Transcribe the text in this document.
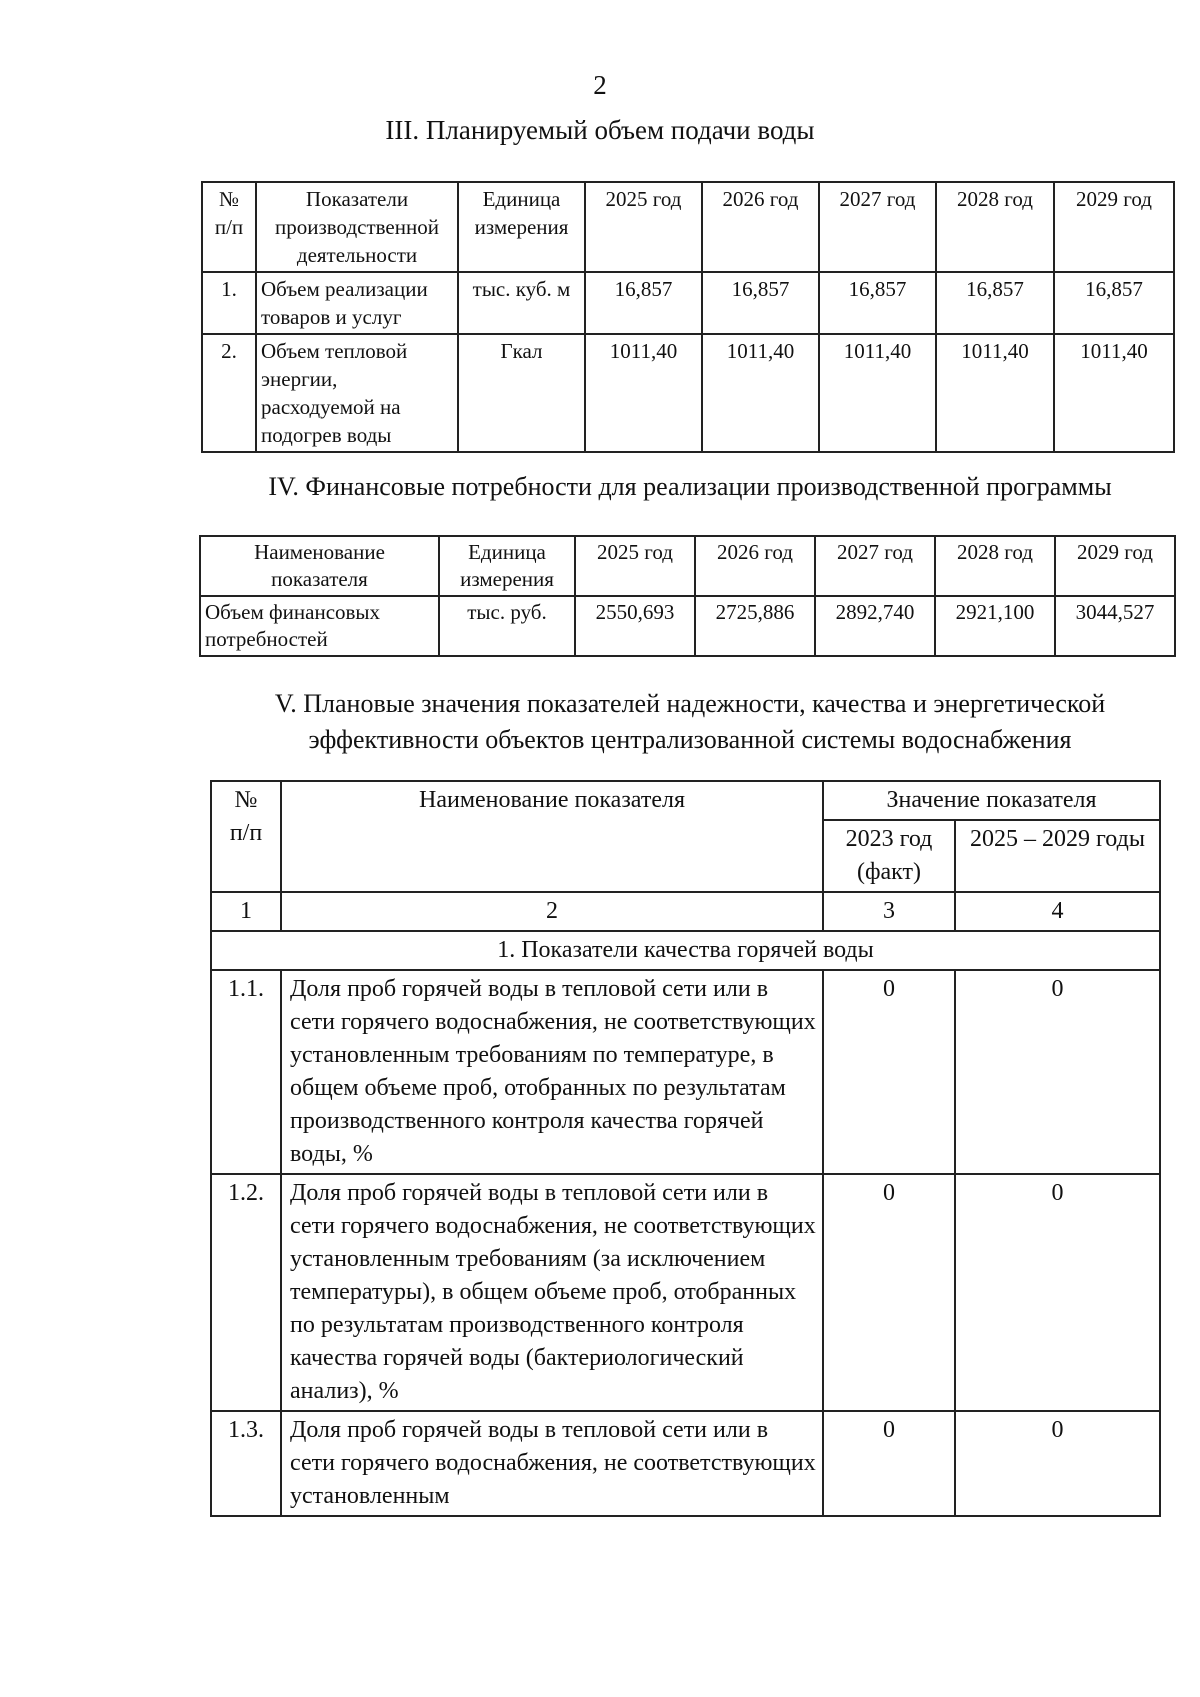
2
III. Планируемый объем подачи воды
№
п/п	Показатели производственной деятельности	Единица измерения	2025 год	2026 год	2027 год	2028 год	2029 год
1.	Объем реализации товаров и услуг	тыс. куб. м	16,857	16,857	16,857	16,857	16,857
2.	Объем тепловой энергии, расходуемой на подогрев воды	Гкал	1011,40	1011,40	1011,40	1011,40	1011,40
IV. Финансовые потребности для реализации производственной программы
Наименование показателя	Единица измерения	2025 год	2026 год	2027 год	2028 год	2029 год
Объем финансовых потребностей	тыс. руб.	2550,693	2725,886	2892,740	2921,100	3044,527
V. Плановые значения показателей надежности, качества и энергетической эффективности объектов централизованной системы водоснабжения
№
п/п	Наименование показателя	Значение показателя	
		2023 год (факт)	2025 – 2029 годы
1	2	3	4
1. Показатели качества горячей воды			
1.1.	Доля проб горячей воды в тепловой сети или в сети горячего водоснабжения, не соответствующих установленным требованиям по температуре, в общем объеме проб, отобранных по результатам производственного контроля качества горячей воды, %	0	0
1.2.	Доля проб горячей воды в тепловой сети или в сети горячего водоснабжения, не соответствующих установленным требованиям (за исключением температуры), в общем объеме проб, отобранных по результатам производственного контроля качества горячей воды (бактериологический анализ), %	0	0
1.3.	Доля проб горячей воды в тепловой сети или в сети горячего водоснабжения, не соответствующих установленным	0	0
